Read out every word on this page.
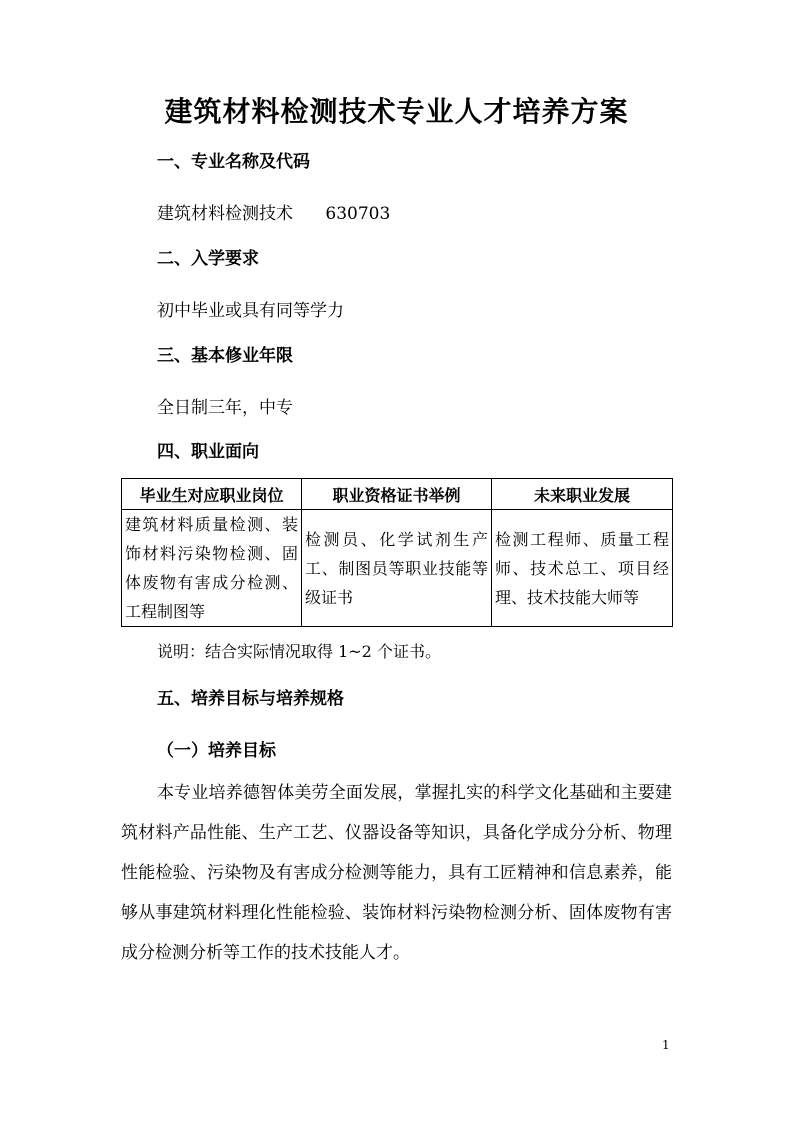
建筑材料检测技术专业人才培养方案
一、专业名称及代码
建筑材料检测技术      630703
二、入学要求
初中毕业或具有同等学力
三、基本修业年限
全日制三年，中专
四、职业面向
毕业生对应职业岗位	职业资格证书举例	未来职业发展
建筑材料质量检测、装饰材料污染物检测、固体废物有害成分检测、工程制图等	检测员、化学试剂生产工、制图员等职业技能等级证书	检测工程师、质量工程师、技术总工、项目经理、技术技能大师等
说明：结合实际情况取得 1~2 个证书。
五、培养目标与培养规格
（一）培养目标
本专业培养德智体美劳全面发展，掌握扎实的科学文化基础和主要建筑材料产品性能、生产工艺、仪器设备等知识，具备化学成分分析、物理性能检验、污染物及有害成分检测等能力，具有工匠精神和信息素养，能够从事建筑材料理化性能检验、装饰材料污染物检测分析、固体废物有害成分检测分析等工作的技术技能人才。
1
